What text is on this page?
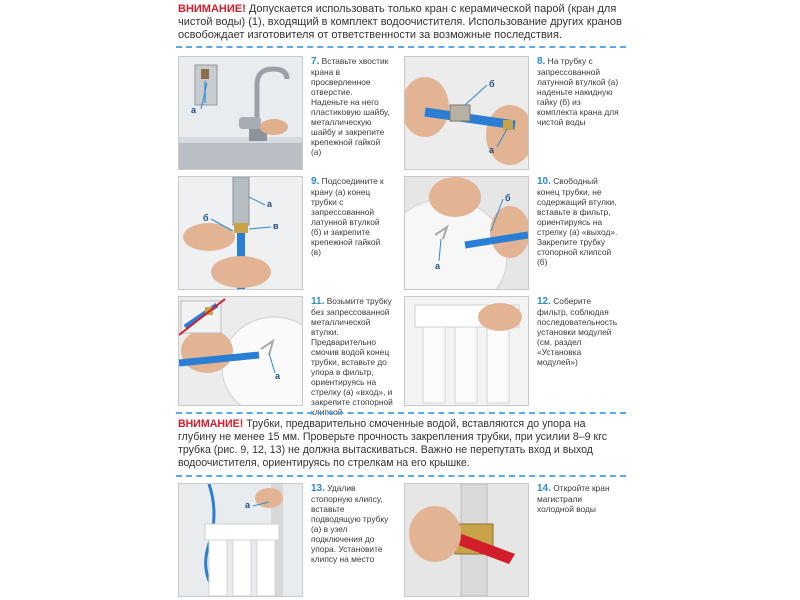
ВНИМАНИЕ! Допускается использовать только кран с керамической парой (кран для чистой воды) (1), входящий в комплект водоочистителя. Использование других кранов освобождает изготовителя от ответственности за возможные последствия.
а
7. Вставьте хвостик крана в просверленное отверстие. Наденьте на него пластиковую шайбу, металлическую шайбу и закрепите крепежной гайкой (а)
б
а
8. На трубку с запрессованной латунной втулкой (а) наденьте накидную гайку (б) из комплекта крана для чистой воды
а
б
в
9. Подсоедините к крану (а) конец трубки с запрессованной латунной втулкой (б) и закрепите крепежной гайкой (в)
б
а
10. Свободный конец трубки, не содержащий втулки, вставьте в фильтр, ориентируясь на стрелку (а) «выход». Закрепите трубку стопорной клипсой (б)
а
11. Возьмите трубку без запрессованной металлической втулки. Предварительно смочив водой конец трубки, вставьте до упора в фильтр, ориентируясь на стрелку (а) «вход», и закрепите стопорной клипсой
12. Соберите фильтр, соблюдая последовательность установки модулей (см. раздел «Установка модулей»)
ВНИМАНИЕ! Трубки, предварительно смоченные водой, вставляются до упора на глубину не менее 15 мм. Проверьте прочность закрепления трубки, при усилии 8–9 кгс трубка (рис. 9, 12, 13) не должна вытаскиваться. Важно не перепутать вход и выход водоочистителя, ориентируясь по стрелкам на его крышке.
а
13. Удалив стопорную клипсу, вставьте подводящую трубку (а) в узел подключения до упора. Установите клипсу на место
14. Откройте кран магистрали холодной воды
